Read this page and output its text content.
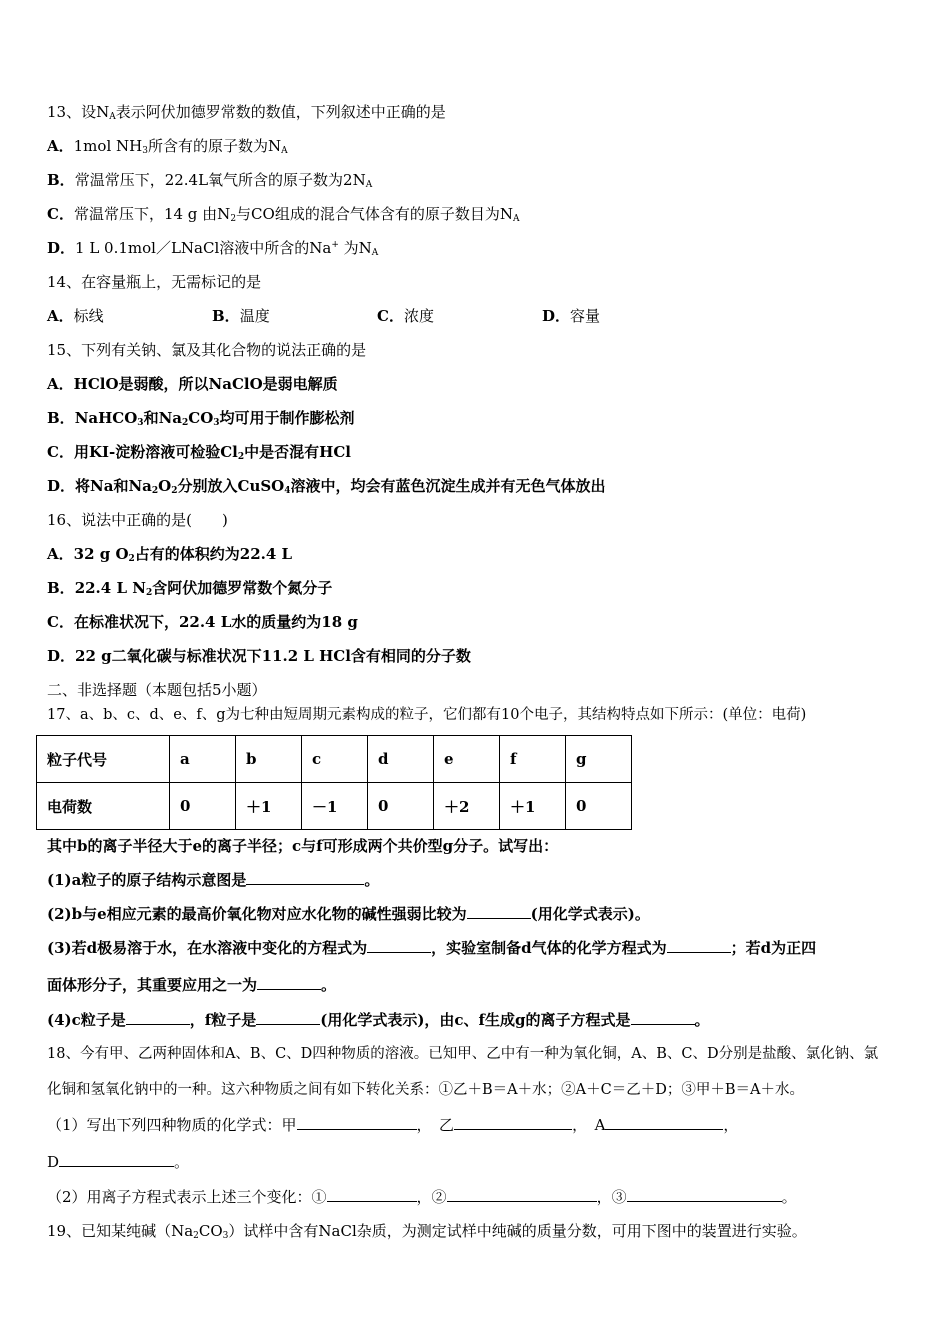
13、设$N_A$表示阿伏加德罗常数的数值，下列叙述中正确的是
A．1mol $NH_3$所含有的原子数为$N_A$
B．常温常压下，22.4L氧气所含的原子数为$2N_A$
C．常温常压下，14 g 由$N_2$与CO组成的混合气体含有的原子数目为$N_A$
D．1 L 0.1mol／LNaCl溶液中所含的Na+ 为$N_A$
14、在容量瓶上，无需标记的是
A．标线	B．温度	C．浓度	D．容量
15、下列有关钠、氯及其化合物的说法正确的是
A．HClO是弱酸，所以NaClO是弱电解质
B．NaHCO$_3$和$Na_2CO_3$均可用于制作膨松剂
C．用KI-淀粉溶液可检验$Cl_2$中是否混有HCl
D．将Na和$Na_2O_2$分别放入CuSO$_4$溶液中，均会有蓝色沉淀生成并有无色气体放出
16、说法中正确的是(　　)
A．32 g $O_2$占有的体积约为22.4 L
B．22.4 L $N_2$含阿伏加德罗常数个氮分子
C．在标准状况下，22.4 L水的质量约为18 g
D．22 g二氧化碳与标准状况下11.2 L HCl含有相同的分子数
二、非选择题（本题包括5小题）
17、a、b、c、d、e、f、g为七种由短周期元素构成的粒子，它们都有10个电子，其结构特点如下所示：(单位：电荷)
粒子代号	a	b	c	d	e	f	g
电荷数	0	＋1	－1	0	＋2	＋1	0
其中b的离子半径大于e的离子半径；c与f可形成两个共价型g分子。试写出：
(1)a粒子的原子结构示意图是	。
(2)b与e相应元素的最高价氧化物对应水化物的碱性强弱比较为	(用化学式表示)。
(3)若d极易溶于水，在水溶液中变化的方程式为	，实验室制备d气体的化学方程式为	；若d为正四
面体形分子，其重要应用之一为	。
(4)c粒子是	，f粒子是	(用化学式表示)，由c、f生成g的离子方程式是	。
18、今有甲、乙两种固体和A、B、C、D四种物质的溶液。已知甲、乙中有一种为氧化铜，A、B、C、D分别是盐酸、氯化钠、氯
化铜和氢氧化钠中的一种。这六种物质之间有如下转化关系：①乙＋B＝A＋水；②A＋C＝乙＋D；③甲＋B＝A＋水。
（1）写出下列四种物质的化学式：甲	，　乙	，　A	，
D	。
（2）用离子方程式表示上述三个变化：①	，②	，③	。
19、已知某纯碱$(Na_2CO_3)$试样中含有NaCl杂质，为测定试样中纯碱的质量分数，可用下图中的装置进行实验。
